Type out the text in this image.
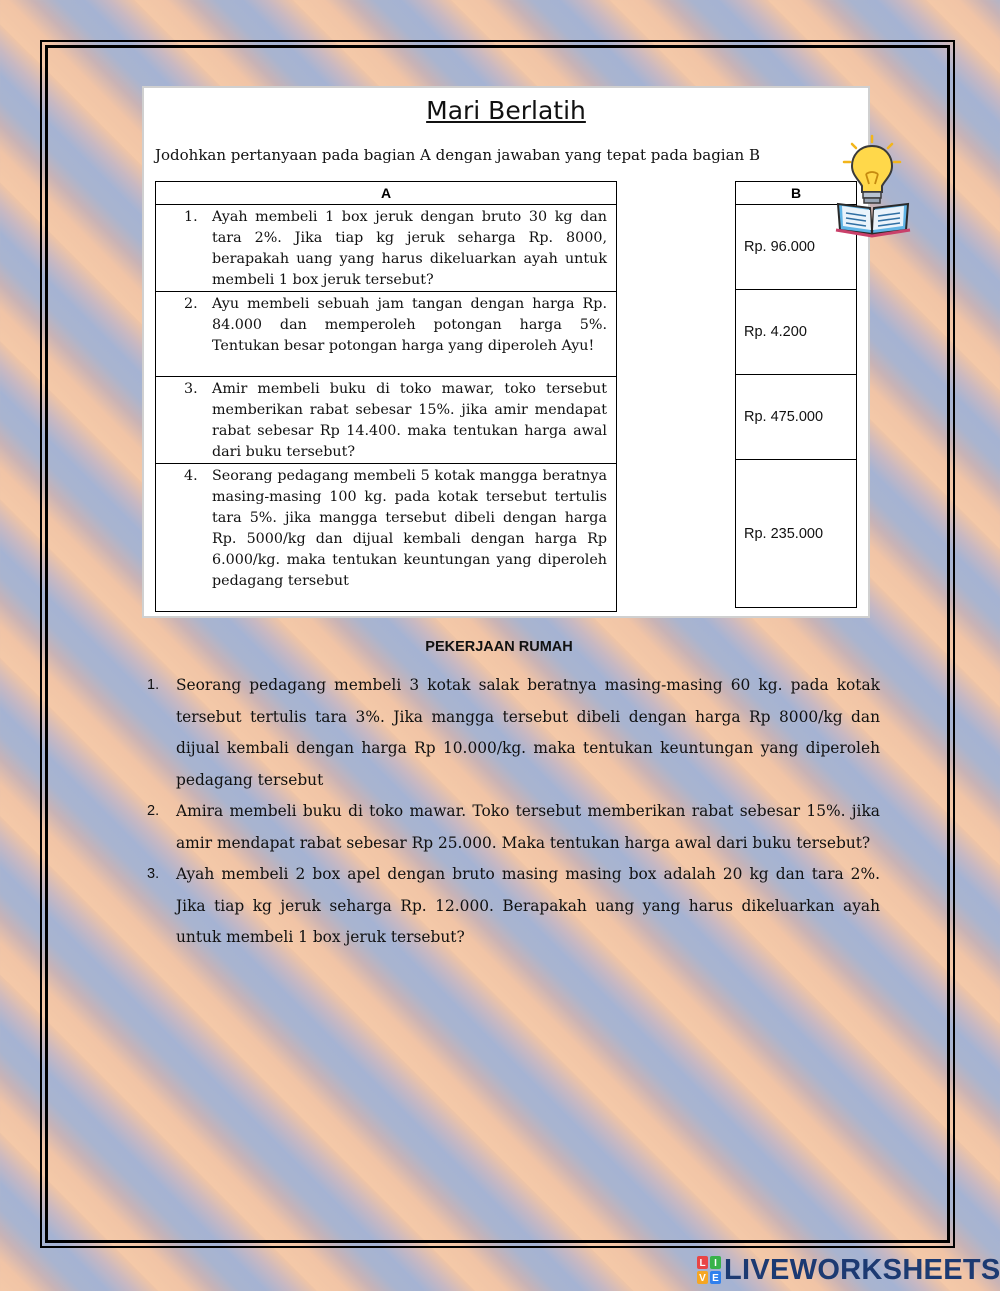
Mari Berlatih
Jodohkan pertanyaan pada bagian A dengan jawaban yang tepat pada bagian B
A

1.	Ayah membeli 1 box jeruk dengan bruto 30 kg dan tara 2%. Jika tiap kg jeruk seharga Rp. 8000, berapakah uang yang harus dikeluarkan ayah untuk membeli 1 box jeruk tersebut?

2.	Ayu membeli sebuah jam tangan dengan harga Rp. 84.000 dan memperoleh potongan harga 5%. Tentukan besar potongan harga yang diperoleh Ayu!

3.	Amir membeli buku di toko mawar, toko tersebut memberikan rabat sebesar 15%. jika amir mendapat rabat sebesar Rp 14.400. maka tentukan harga awal dari buku tersebut?

4.	Seorang pedagang membeli 5 kotak mangga beratnya masing-masing 100 kg. pada kotak tersebut tertulis tara 5%. jika mangga tersebut dibeli dengan harga Rp. 5000/kg dan dijual kembali dengan harga Rp 6.000/kg. maka tentukan keuntungan yang diperoleh pedagang tersebut
B
Rp. 96.000
Rp. 4.200
Rp. 475.000
Rp. 235.000
PEKERJAAN RUMAH
1.	Seorang pedagang membeli 3 kotak salak beratnya masing-masing 60 kg. pada kotak tersebut tertulis tara 3%. Jika mangga tersebut dibeli dengan harga Rp 8000/kg dan dijual kembali dengan harga Rp 10.000/kg. maka tentukan keuntungan yang diperoleh pedagang tersebut
2.	Amira membeli buku di toko mawar. Toko tersebut memberikan rabat sebesar 15%. jika amir mendapat rabat sebesar Rp 25.000. Maka tentukan harga awal dari buku tersebut?
3.	Ayah membeli 2 box apel dengan bruto masing masing box adalah 20 kg dan tara 2%. Jika tiap kg jeruk seharga Rp. 12.000. Berapakah uang yang harus dikeluarkan ayah untuk membeli 1 box jeruk tersebut?
L I
V E LIVEWORKSHEETS
